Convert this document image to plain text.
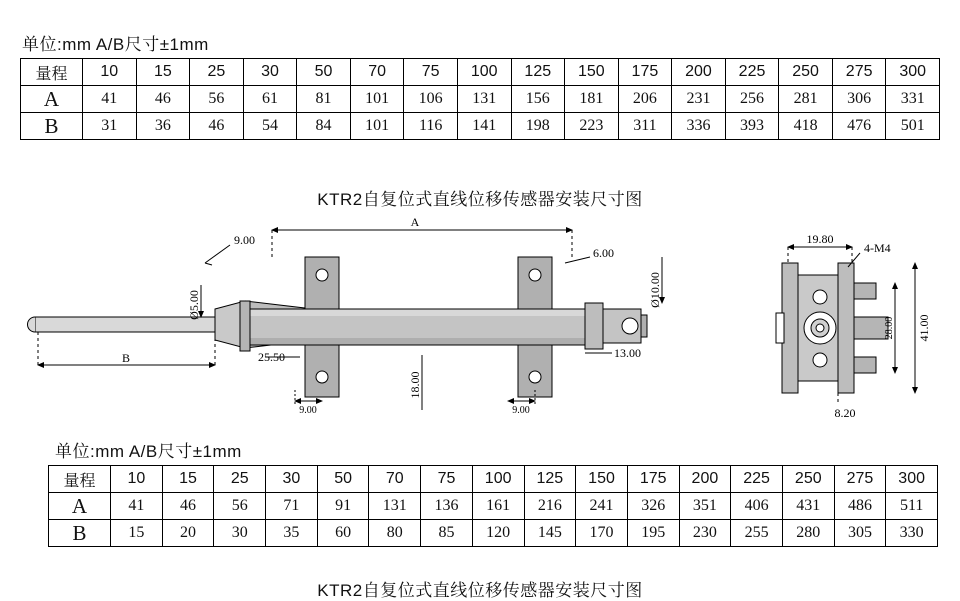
单位:mm A/B尺寸±1mm
量程	10	15	25	30	50	70	75	100	125	150	175	200	225	250	275	300
A	41	46	56	61	81	101	106	131	156	181	206	231	256	281	306	331
B	31	36	46	54	84	101	116	141	198	223	311	336	393	418	476	501
KTR2自复位式直线位移传感器安装尺寸图
A
B
9.00
Ø5.00
6.00
Ø10.00
25.50	13.00
18.00
9.00	9.00
19.80
4-M4
41.00
28.00
8.20
单位:mm A/B尺寸±1mm
量程	10	15	25	30	50	70	75	100	125	150	175	200	225	250	275	300
A	41	46	56	71	91	131	136	161	216	241	326	351	406	431	486	511
B	15	20	30	35	60	80	85	120	145	170	195	230	255	280	305	330
KTR2自复位式直线位移传感器安装尺寸图
